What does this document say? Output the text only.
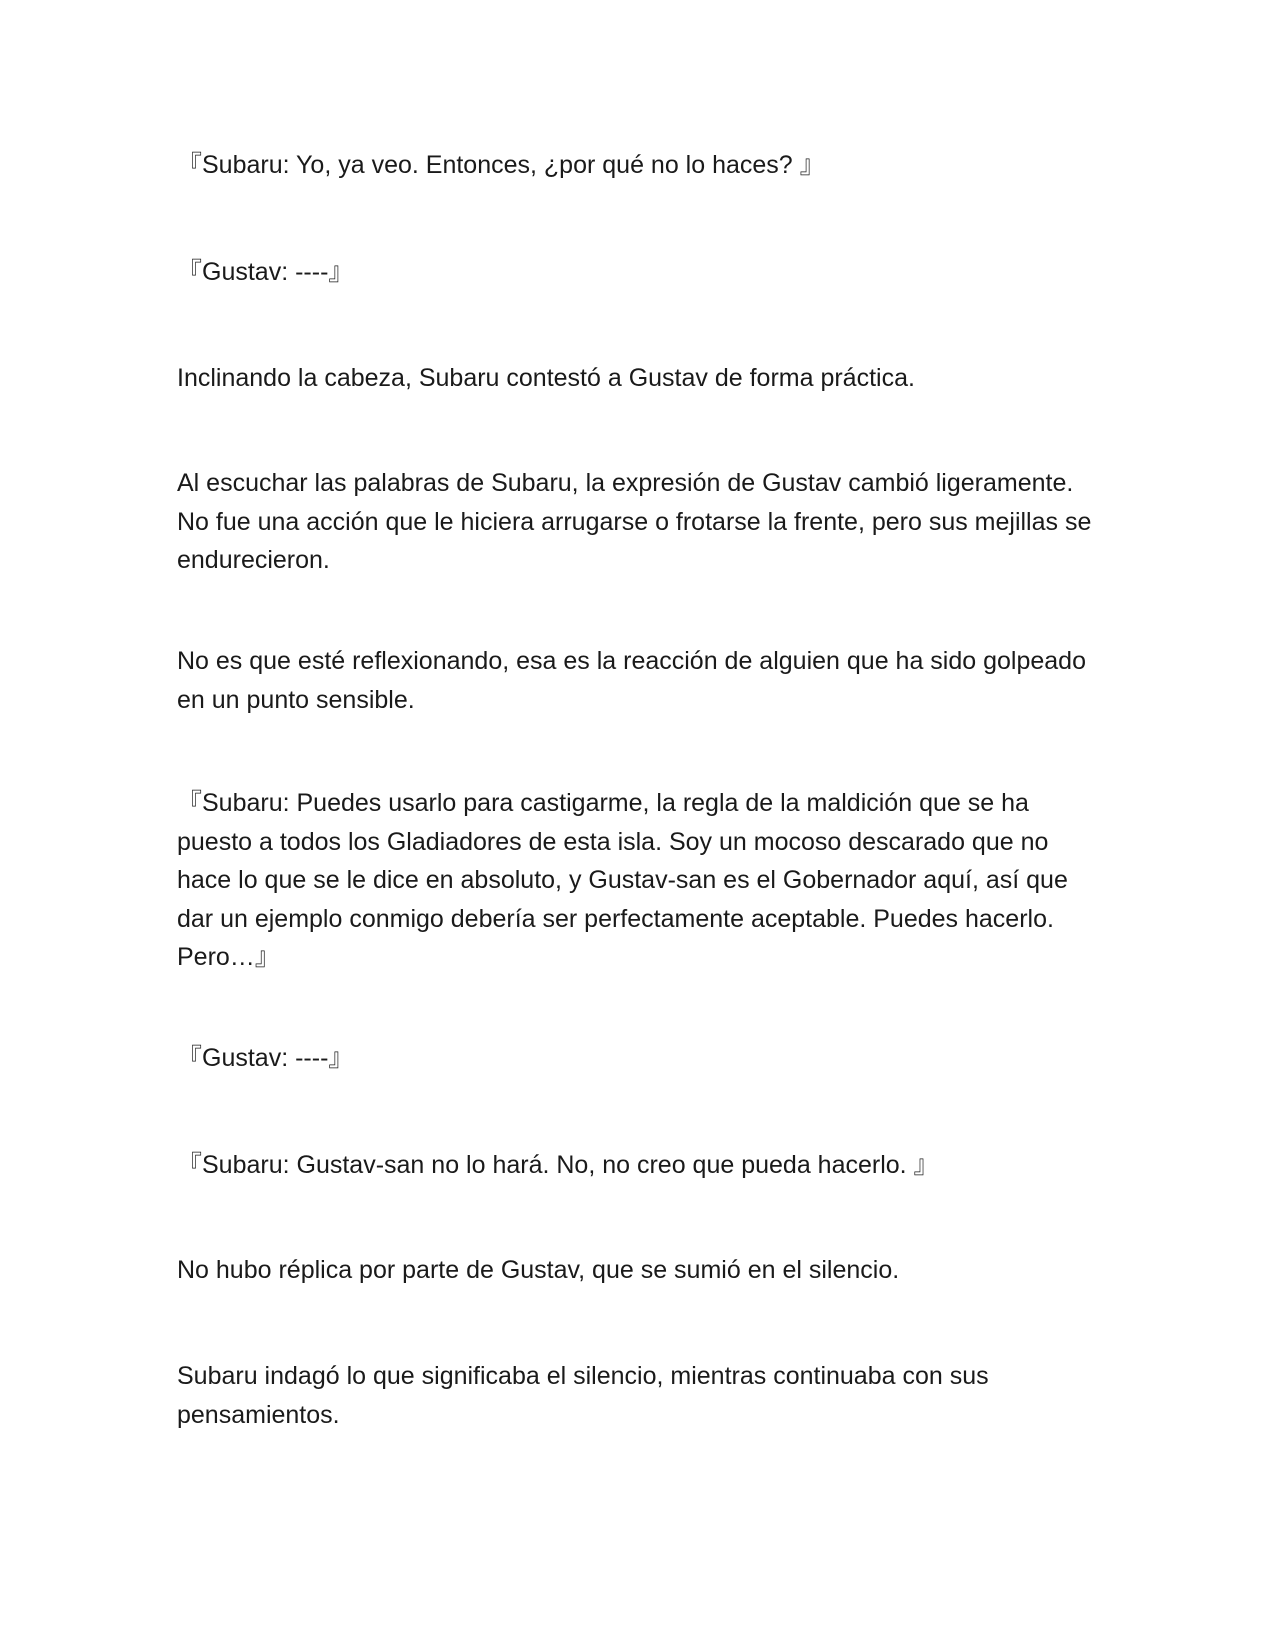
『Subaru: Yo, ya veo. Entonces, ¿por qué no lo haces? 』

『Gustav: ----』

Inclinando la cabeza, Subaru contestó a Gustav de forma práctica.

Al escuchar las palabras de Subaru, la expresión de Gustav cambió ligeramente. No fue una acción que le hiciera arrugarse o frotarse la frente, pero sus mejillas se endurecieron.

No es que esté reflexionando, esa es la reacción de alguien que ha sido golpeado en un punto sensible.

『Subaru: Puedes usarlo para castigarme, la regla de la maldición que se ha puesto a todos los Gladiadores de esta isla. Soy un mocoso descarado que no hace lo que se le dice en absoluto, y Gustav-san es el Gobernador aquí, así que dar un ejemplo conmigo debería ser perfectamente aceptable. Puedes hacerlo. Pero…』

『Gustav: ----』

『Subaru: Gustav-san no lo hará. No, no creo que pueda hacerlo. 』

No hubo réplica por parte de Gustav, que se sumió en el silencio.

Subaru indagó lo que significaba el silencio, mientras continuaba con sus pensamientos.
